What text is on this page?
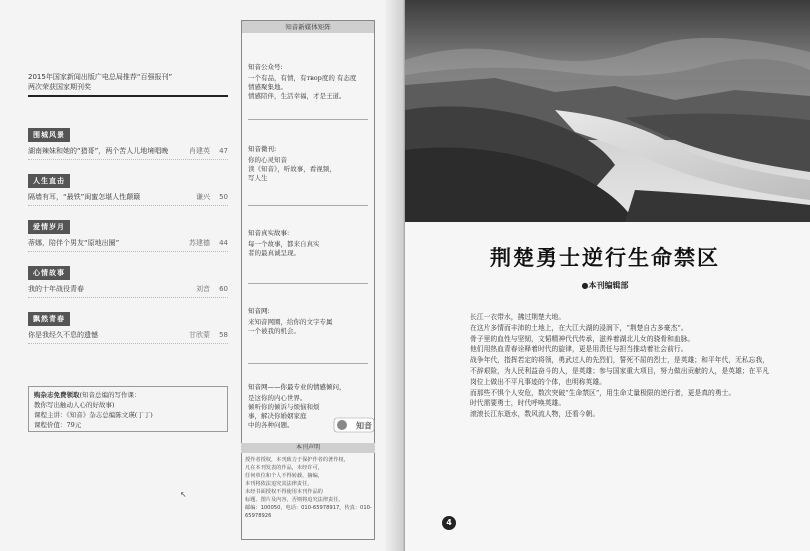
2015年国家新闻出版广电总局推荐“百强报刊”
两次荣获国家期刊奖
围城风景
湖南辣妹和她的“猎哥”，两个苦人儿地境唱晚	肖建英	47
人生直击
隔墙有耳，“最铁”闺蜜怎堪人性颠簸	谦兴	50
爱情岁月
蒂娜，陪伴个男友“原地出圈”	苏建德	44
心情故事
我的十年战役青春	刘音	60
飘然青春
你是我经久不息的遗憾	甘欣蒙	58
购杂志免费领取(知音总编的写作课：
教你写出触动人心的好故事)
课程主讲：《知音》杂志总编陈文瑛(丁丁)
课程价值：79元
↖
知音新媒体矩阵
知音公众号:
一个有品，有情，有твор度的 有态度
情感聚集地。
情感陪伴，生活幸福，才是王道。
知音微刊:
你的心灵知音
读《知音》，听故事，看视频，
写人生
知音真实故事:
每一个故事，都来自真实
者的最真诚呈现。
知音网:
来知音网圈，给你的文字专属
一个被我的机会。
知音网——你最专业的情感倾问，
是这你的内心世界。
倾听你的倾诉与烦恼和烦
事，解决你婚姻家庭
中的各种问题。	知音
本刊声明
授作者授权，本刊致力于保护作者的著作权，
凡在本刊发表的作品，未经许可，
任何单位和个人不得转载、摘编，
本刊将依法追究其法律责任，
未经书面授权不得使用本刊作品的
标题、图片及内容，否则将追究法律责任。
邮编：100050，电话：010-65978917，传真：010-65978926
荆楚勇士逆行生命禁区
●本刊编辑部

长江一衣带水，拂过荆楚大地。

在这片多情而丰沛的土地上，在大江大湖的浸润下，“荆楚自古多豪杰”。

骨子里的血性与坚韧，文韬精神代代传承，滋养着湖北儿女的骁骨和血脉。

他们用热血青春诠释着时代的旋律，更是用责任与担当推动着社会前行。

战争年代，指挥若定的将领，勇武过人的先烈们，誓死不屈的烈士，是英雄；和平年代，无私忘我，不辞艰险，为人民利益奋斗的人，是英雄；参与国家重大项目，努力做出贡献的人，是英雄；在平凡岗位上做出不平凡事迹的个体，也明称英雄。

而那些不惧个人安危，数次突破“生命禁区”，用生命丈量极限的逆行者，更是真的勇士。

时代需要勇士，时代呼唤英雄。

滚滚长江东逝水，数风流人物，还看今朝。

4
